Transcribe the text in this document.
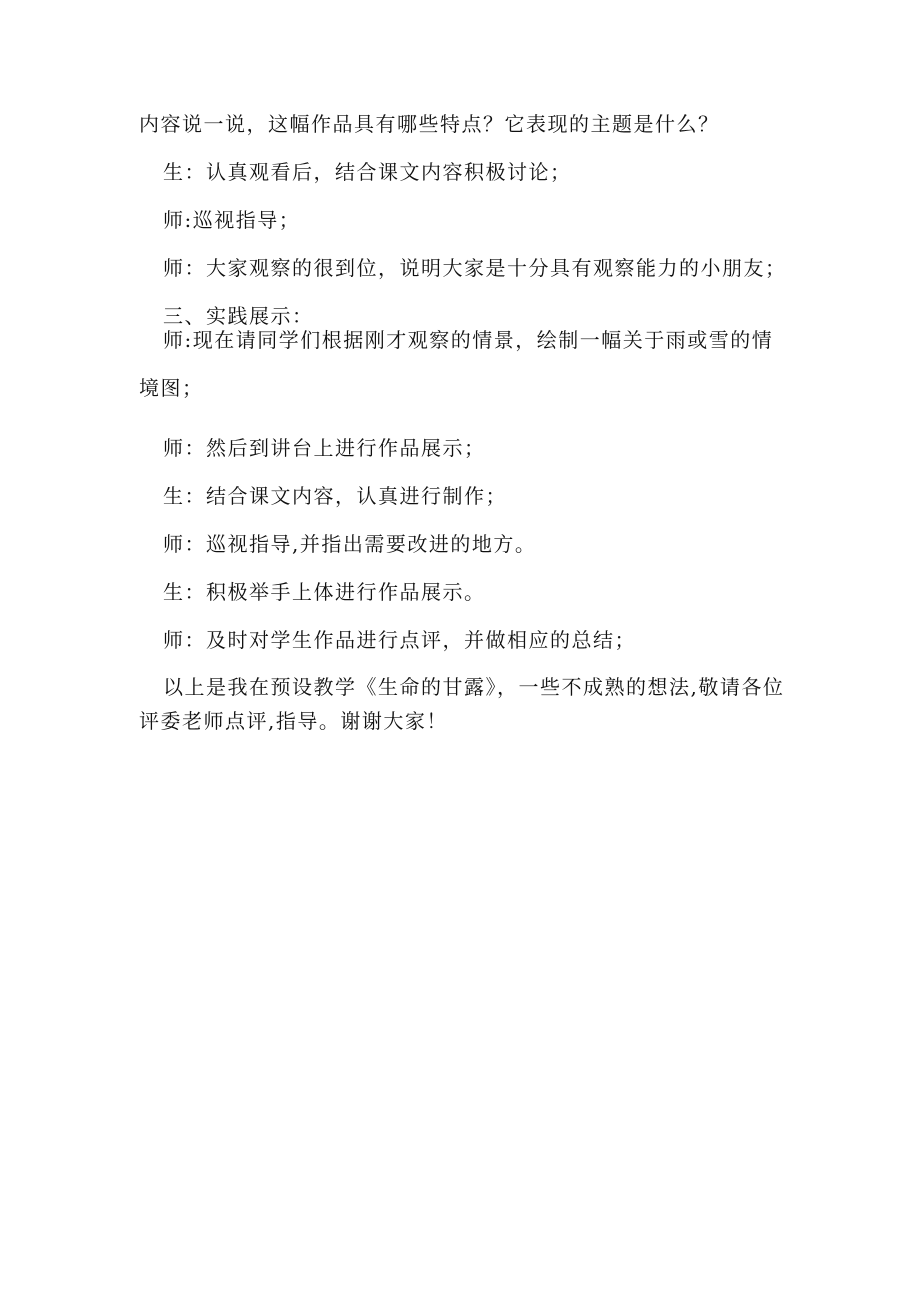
内容说一说，这幅作品具有哪些特点？它表现的主题是什么？

生：认真观看后，结合课文内容积极讨论；

师:巡视指导；

师：大家观察的很到位，说明大家是十分具有观察能力的小朋友；

三、实践展示：

师:现在请同学们根据刚才观察的情景，绘制一幅关于雨或雪的情境图；

师：然后到讲台上进行作品展示；

生：结合课文内容，认真进行制作；

师：巡视指导,并指出需要改进的地方。

生：积极举手上体进行作品展示。

师：及时对学生作品进行点评，并做相应的总结；

以上是我在预设教学《生命的甘露》，一些不成熟的想法,敬请各位评委老师点评,指导。谢谢大家！
